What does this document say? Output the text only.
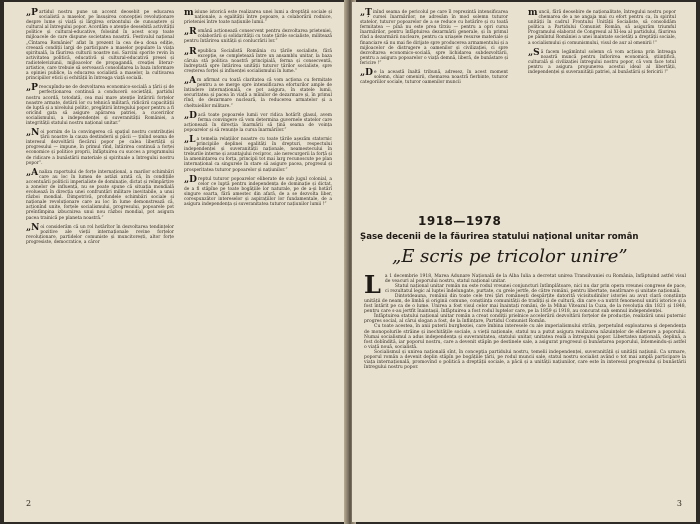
„Partidul nostru pune un accent deosebit pe educarea socialistă a maselor, pe însușirea concepției revoluționare despre lume și viață și lărgirea orizontului de cunoaștere și cultural al întregului popor. Acordăm o atenție deosebită activității politice și cultural-educative, folosind în acest scop toate mijloacele de care dispune societatea noastră. Festivalul național „Cîntarea României” aflat în prezent la cea de-a doua ediție, creează condiții largi de participare a maselor populare la viața spirituală, la făurirea culturii noastre noi. Sarcini sporite revin în activitatea politică, educativă și cultural-educativă presei și radioteleviziunii, mijloacelor de propagandă, creației literar-artistice, care trebuie să servească consolidarea la baza informare a opiniei publice, la educarea socialistă a maselor, la cultivarea principiilor eticii și echității în întreaga viață socială.

„Preocupîndu-ne de dezvoltarea economico-socială a țării și de perfecționarea continuă a conducerii societății, partidul nostru acordă, totodată, cea mai mare atenție întăririi forțelor noastre armate, dotării lor cu tehnică militară, ridicării capacității de luptă și a nivelului politic, pregătirii întregului popor pentru a fi oricînd gata să asigure apărarea patriei, a cuceririlor socialismului, a independenței și suveranității României, a integrității statului nostru național unitar.”

„Noi pornim de la convingerea că spațiul nostru contribuției țării noastre la cauza destinderii și păcii — ținînd seama de interesul dezvoltării fiecărui popor pe calea libertății și progresului — impune, în primul rînd, întărirea continuă a forței economice și politice proprii, înfăptuirea cu succes a programului de ridicare a bunăstării materiale și spirituale a întregului nostru popor”.

„Analiza raportului de forțe internațional, a marilor schimbări care au loc în lumea de astăzi arată că, în condițiile accentuării politicii imperialiste de dominație, dictat și reîmpărțire a zonelor de influență, nu se poate spune că situația mondială evoluează în direcția unei confruntări militare inevitabile, a unui război mondial. Dimpotrivă, profundele schimbări sociale și naționale revoluționare care au loc în lume demonstrează că, acționînd unite, forțele socialismului, progresului, popoarele pot preîntîmpina izbucnirea unui nou război mondial, pot asigura pacea trainică pe planeta noastră.”

„Noi considerăm că un rol hotărîtor în dezvoltarea tendințelor pozitive ale vieții internaționale revine forțelor revoluționare, partidelor comuniste și muncitorești, altor forțe progresiste, democratice, a căror

misiune istorică este realizarea unei lumi a dreptății sociale și naționale, a egalității între popoare, a colaborării rodnice, prieteniei între toate națiunile lumii.”

„Română acționează consecvent pentru dezvoltarea prieteniei, colaborării și solidarității cu toate țările socialiste, militează pentru întărirea unității și conlucrării lor.”

„Republica Socialistă România cu țările socialiste, fără excepție, se completează între un ansamblu unitar, la baza căruia stă politica noastră principială, ferma și consecventă, îndreptată spre întărirea unității tuturor țărilor socialiste, spre creșterea forței și influenței socialismului în lume.”

„Am afirmat cu toată claritatea că vom acționa cu fermitate pentru a se merge spre intensificarea eforturilor ample de întindere internațională, ce pot asigura, în statele lumii, securitatea și pacea în viață a mîinilor de dezarmare și, în primul rînd, de dezarmare nucleară, la reducerea armatelor și a cheltuielilor militare.”

„Dacă toate popoarele lumii vor ridica hotărît glasul, avem ferma convingere că vom determina guvernele statelor care acționează în direcția înarmării să țină seama de voința popoarelor și să renunțe la cursa înarmărilor.”

„La temelia relațiilor noastre cu toate țările așezăm statornic principiile deplinei egalități în drepturi, respectului independenței și suveranității naționale, neamestecului în treburile interne și avantajului reciproc, ale nerecurgerii la forță și la amenințarea cu forța, principii tot mai larg recunoscute pe plan internațional ca singurele în stare să asigure pacea, progresul și prosperitatea tuturor popoarelor și națiunilor.”

„Dreptul tuturor popoarelor eliberate de sub jugul colonial, a celor ce luptă pentru independența de dominație și dictat, de a fi stăpîne pe toate bogățiile lor naturale, pe de a-și hotărî singure soarta, fără amestec din afară, de a se dezvolta liber, corespunzător intereselor și aspirațiilor lor fundamentale, de a asigura independența și suveranitatea tuturor națiunilor lumii !”

2

„Ținînd seama de pericolul pe care îl reprezintă intensificarea cursei înarmărilor, ne adresăm în mod solemn tuturor statelor, tuturor popoarelor de a se reduce cu hotărîre și cu toată fermitatea — pînă nu este prea tîrziu — pentru a opri cursa înarmărilor, pentru înfăptuirea dezarmării generale, și în primul rînd a dezarmării nucleare, pentru ca uriașele resurse materiale și financiare să nu mai fie dirijate spre producerea armamentului și a mijloacelor de distrugere a oamenilor și civilizației, ci spre dezvoltarea economico-socială, spre lichidarea subdezvoltării, pentru a asigura popoarelor o viață demnă, liberă, de bunăstare și fericire !”

„De la această înaltă tribună, adresez, în acest moment solemn, chiar omenirii, chemarea noastră fierbinte, tuturor categoriilor sociale, tuturor oamenilor muncii

muncii, fără deosebire de naționalitate, întregului nostru popor chemarea de a ne angaja mai cu efort pentru ca, în spiritul unității în cadrul Frontului Unității Socialiste, să consolidăm politica a Partidului Comunist Român, să asigurăm triumful Programului elaborat de Congresul al XI-lea al partidului, făurirea pe pămîntul României a unei înaintate societăți a dreptății sociale, a socialismului și comunismului, visul de aur al omenirii !”

„Să facem legămîntul solemn că vom acționa prin întreaga noastră muncă pentru înflorirea economică, științifică, culturală și civilizației întregului nostru popor, că vom face totul pentru a asigura propunerea acestui ideal al libertății, independenței și suveranității patriei, al bunăstării și fericirii !”

1918—1978
Șase decenii de la făurirea statului național unitar român
„E scris pe tricolor unire”

La 1 decembrie 1918, Marea Adunare Națională de la Alba Iulia a decretat unirea Transilvaniei cu România, înfăptuind astfel visul de veacuri al poporului nostru, statul național unitar.

Statul național unitar român nu este rodul vreunei conjuncturi întîmplătoare, nici nu dar prin opera vreunei congrese de pace, ci rezultatul legic al luptei îndelungate, purtate, cu grele jertfe, de către români, pentru libertate, neatîrnare și unitate națională.

Dintotdeauna, românii din toate cele trei țări românești despărțite datorită vicisitudinilor istoriei au avut clară conștiința unității de neam, de limbă și originii comune, conștiința comunității de tradiții și de cultură, din care s-a nutrit fenomenul unirii istorice și a fost întărit pe ca de o lume. Unirea a fost visul celor mai înaintați români, de la Mihai Viteazul la Cuza, de la revoluția din 1821 și 1848, pentru care s-au jertfit înaintașii, înfăptuirea a fost rodul luptelor care, pe la 1859 și 1918, au concurat sub semnul independenței.

Înfăptuirea statului național unitar român a creat condiții prielnice accelerării dezvoltării forțelor de producție, realizării unui puternic progres social, al cărui slogan a fost, de la înființare, Partidul Comunist Român.

Cu toate acestea, în anii puterii burgheziei, care îmbina interesele cu ale imperialismului străin, perpetuînd exploatarea și dependența de monopolurile străine și inechitățile sociale, a vieții naționale, statul nu a putut asigura realizarea năzuințelor de eliberare a poporului. Numai socialismul a adus independența și suveranitatea, statului unitar, unitatea reală a întregului popor. Libertatea națională, deplină, a fost dobîndită, iar poporul nostru, care a devenit stăpîn pe destinele sale, a asigurat progresul și bunăstarea poporului, întemeindu-și astfel o viață nouă, socialistă.

Socialismul și unirea națională sînt, în concepția partidului nostru, temelii independenței, suveranității și unității națiunii. Ca urmare, poporul român a devenit deplin stăpîn pe bogățiile țării, pe rodul muncii sale, statul nostru socialist având o tot mai amplă participare la viața internațională, promovînd o politică a dreptății sociale, a păcii și a unității națiunilor, care este în interesul progresului și bunăstării întregului nostru popor.

3
